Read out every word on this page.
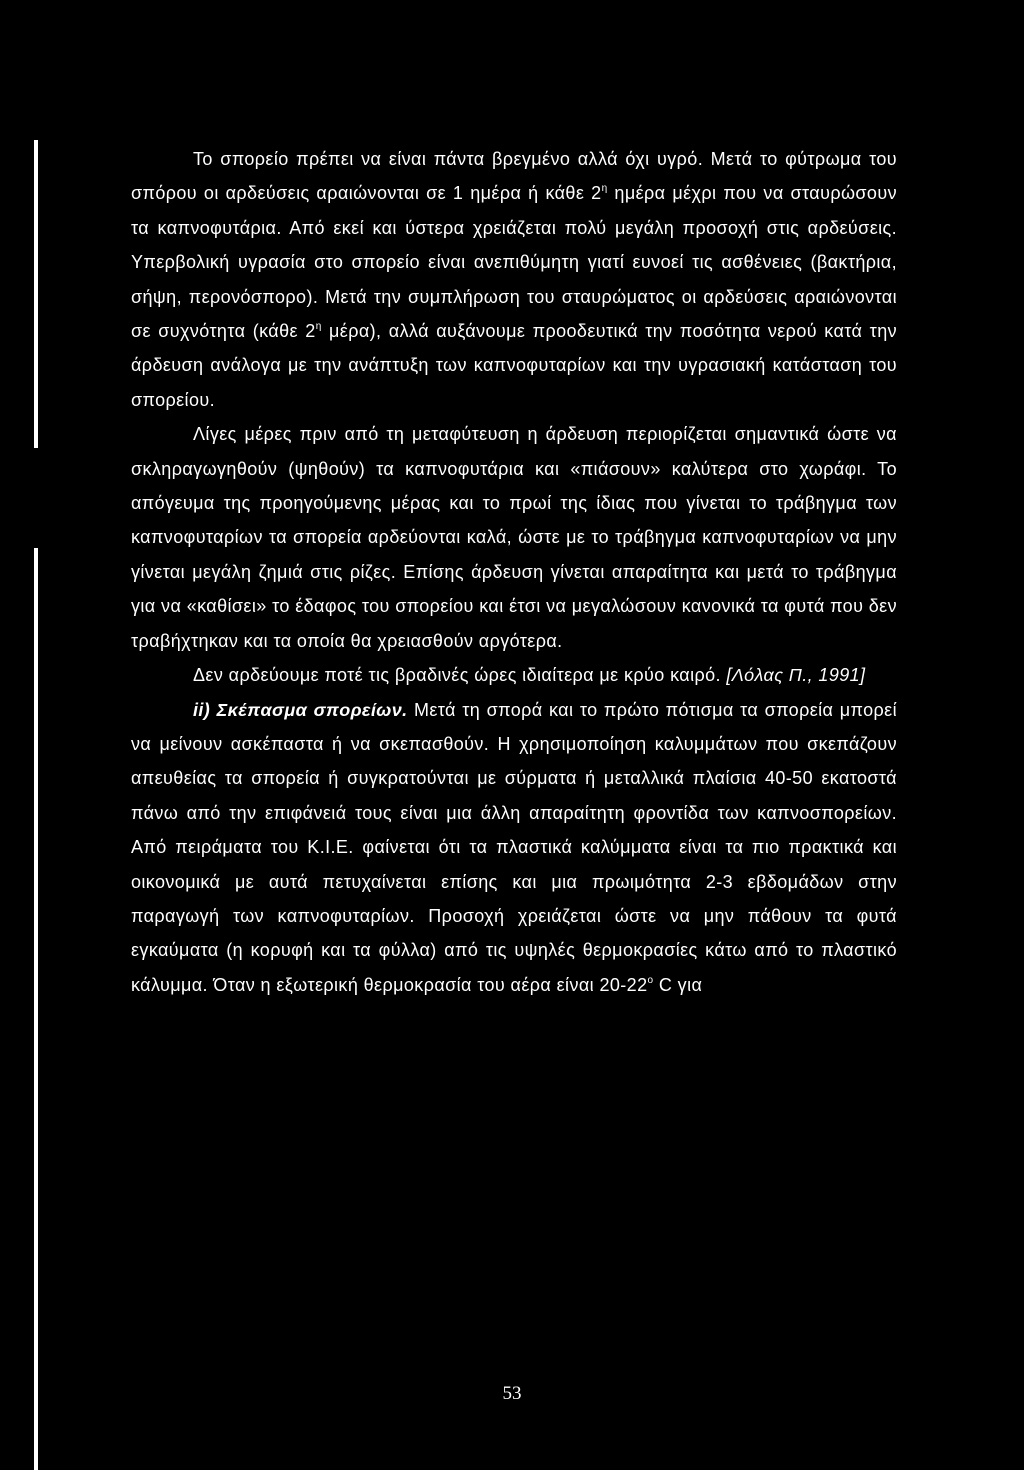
Το σπορείο πρέπει να είναι πάντα βρεγμένο αλλά όχι υγρό. Μετά το φύτρωμα του σπόρου οι αρδεύσεις αραιώνονται σε 1 ημέρα ή κάθε $2^\eta$ ημέρα μέχρι που να σταυρώσουν τα καπνοφυτάρια. Από εκεί και ύστερα χρειάζεται πολύ μεγάλη προσοχή στις αρδεύσεις. Υπερβολική υγρασία στο σπορείο είναι ανεπιθύμητη γιατί ευνοεί τις ασθένειες (βακτήρια, σήψη, περονόσπορο). Μετά την συμπλήρωση του σταυρώματος οι αρδεύσεις αραιώνονται σε συχνότητα (κάθε $2^\eta$ μέρα), αλλά αυξάνουμε προοδευτικά την ποσότητα νερού κατά την άρδευση ανάλογα με την ανάπτυξη των καπνοφυταρίων και την υγρασιακή κατάσταση του σπορείου.

Λίγες μέρες πριν από τη μεταφύτευση η άρδευση περιορίζεται σημαντικά ώστε να σκληραγωγηθούν (ψηθούν) τα καπνοφυτάρια και «πιάσουν» καλύτερα στο χωράφι. Το απόγευμα της προηγούμενης μέρας και το πρωί της ίδιας που γίνεται το τράβηγμα των καπνοφυταρίων τα σπορεία αρδεύονται καλά, ώστε με το τράβηγμα καπνοφυταρίων να μην γίνεται μεγάλη ζημιά στις ρίζες. Επίσης άρδευση γίνεται απαραίτητα και μετά το τράβηγμα για να «καθίσει» το έδαφος του σπορείου και έτσι να μεγαλώσουν κανονικά τα φυτά που δεν τραβήχτηκαν και τα οποία θα χρειασθούν αργότερα.

Δεν αρδεύουμε ποτέ τις βραδινές ώρες ιδιαίτερα με κρύο καιρό. [Λόλας Π., 1991]

ii) Σκέπασμα σπορείων. Μετά τη σπορά και το πρώτο πότισμα τα σπορεία μπορεί να μείνουν ασκέπαστα ή να σκεπασθούν. Η χρησιμοποίηση καλυμμάτων που σκεπάζουν απευθείας τα σπορεία ή συγκρατούνται με σύρματα ή μεταλλικά πλαίσια 40-50 εκατοστά πάνω από την επιφάνειά τους είναι μια άλλη απαραίτητη φροντίδα των καπνοσπορείων. Από πειράματα του Κ.Ι.Ε. φαίνεται ότι τα πλαστικά καλύμματα είναι τα πιο πρακτικά και οικονομικά με αυτά πετυχαίνεται επίσης και μια πρωιμότητα 2-3 εβδομάδων στην παραγωγή των καπνοφυταρίων. Προσοχή χρειάζεται ώστε να μην πάθουν τα φυτά εγκαύματα (η κορυφή και τα φύλλα) από τις υψηλές θερμοκρασίες κάτω από το πλαστικό κάλυμμα. Όταν η εξωτερική θερμοκρασία του αέρα είναι $20-22^o$ C για

53
